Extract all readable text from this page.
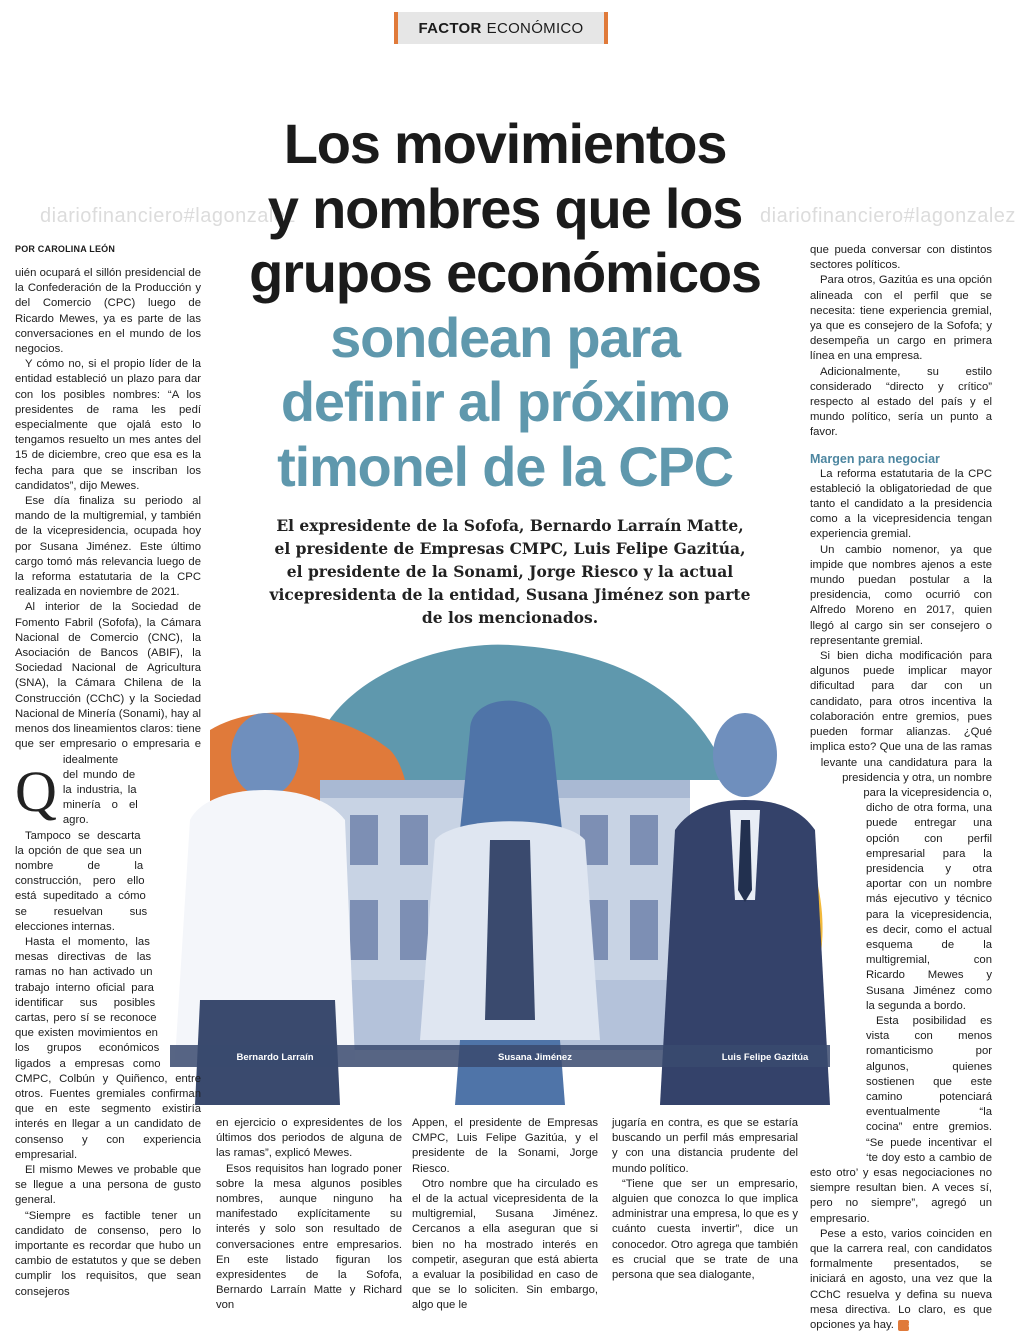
FACTOR ECONÓMICO
diariofinanciero#lagonzalez	diariofinanciero#lagonzalez
Los movimientos
y nombres que los
grupos económicos
sondean para
definir al próximo
timonel de la CPC
POR CAROLINA LEÓN

El expresidente de la Sofofa, Bernardo Larraín Matte, el presidente de Empresas CMPC, Luis Felipe Gazitúa, el presidente de la Sonami, Jorge Riesco y la actual vicepresidenta de la entidad, Susana Jiménez son parte de los mencionados.

Bernardo Larraín	Susana Jiménez	Luis Felipe Gazitúa

Q
uién ocupará el sillón presidencial de la Confederación de la Producción y del Comercio (CPC) luego de Ricardo Mewes, ya es parte de las conversaciones en el mundo de los negocios.

Y cómo no, si el propio líder de la entidad estableció un plazo para dar con los posibles nombres: “A los presidentes de rama les pedí especialmente que ojalá esto lo tengamos resuelto un mes antes del 15 de diciembre, creo que esa es la fecha para que se inscriban los candidatos”, dijo Mewes.

Ese día finaliza su periodo al mando de la multigremial, y también de la vicepresidencia, ocupada hoy por Susana Jiménez. Este último cargo tomó más relevancia luego de la reforma estatutaria de la CPC realizada en noviembre de 2021.

Al interior de la Sociedad de Fomento Fabril (Sofofa), la Cámara Nacional de Comercio (CNC), la Asociación de Bancos (ABIF), la Sociedad Nacional de Agricultura (SNA), la Cámara Chilena de la Construcción (CChC) y la Sociedad Nacional de Minería (Sonami), hay al menos dos lineamientos claros: tiene que ser empresario o empresaria e idealmente del mundo de la industria, la minería o el agro.

Tampoco se descarta la opción de que sea un nombre de la construcción, pero ello está supeditado a cómo se resuelvan sus elecciones internas.

Hasta el momento, las mesas directivas de las ramas no han activado un trabajo interno oficial para identificar sus posibles cartas, pero sí se reconoce que existen movimientos en los grupos económicos ligados a empresas como CMPC, Colbún y Quiñenco, entre otros. Fuentes gremiales confirman que en este segmento existiría interés en llegar a un candidato de consenso y con experiencia empresarial.

El mismo Mewes ve probable que se llegue a una persona de gusto general.

“Siempre es factible tener un candidato de consenso, pero lo importante es recordar que hubo un cambio de estatutos y que se deben cumplir los requisitos, que sean consejeros

en ejercicio o expresidentes de los últimos dos periodos de alguna de las ramas”, explicó Mewes.

Esos requisitos han logrado poner sobre la mesa algunos posibles nombres, aunque ninguno ha manifestado explícitamente su interés y solo son resultado de conversaciones entre empresarios. En este listado figuran los expresidentes de la Sofofa, Bernardo Larraín Matte y Richard von

Appen, el presidente de Empresas CMPC, Luis Felipe Gazitúa, y el presidente de la Sonami, Jorge Riesco.

Otro nombre que ha circulado es el de la actual vicepresidenta de la multigremial, Susana Jiménez. Cercanos a ella aseguran que si bien no ha mostrado interés en competir, aseguran que está abierta a evaluar la posibilidad en caso de que se lo soliciten. Sin embargo, algo que le

jugaría en contra, es que se estaría buscando un perfil más empresarial y con una distancia prudente del mundo político.

“Tiene que ser un empresario, alguien que conozca lo que implica administrar una empresa, lo que es y cuánto cuesta invertir”, dice un conocedor. Otro agrega que también es crucial que se trate de una persona que sea dialogante,

que pueda conversar con distintos sectores políticos.

Para otros, Gazitúa es una opción alineada con el perfil que se necesita: tiene experiencia gremial, ya que es consejero de la Sofofa; y desempeña un cargo en primera línea en una empresa.

Adicionalmente, su estilo considerado “directo y crítico” respecto al estado del país y el mundo político, sería un punto a favor.

Margen para negociar

La reforma estatutaria de la CPC estableció la obligatoriedad de que tanto el candidato a la presidencia como a la vicepresidencia tengan experiencia gremial.

Un cambio nomenor, ya que impide que nombres ajenos a este mundo puedan postular a la presidencia, como ocurrió con Alfredo Moreno en 2017, quien llegó al cargo sin ser consejero o representante gremial.

Si bien dicha modificación para algunos puede implicar mayor dificultad para dar con un candidato, para otros incentiva la colaboración entre gremios, pues pueden formar alianzas. ¿Qué implica esto? Que una de las ramas levante una candidatura para la presidencia y otra, un nombre para la vicepresidencia o, dicho de otra forma, una puede entregar una opción con perfil empresarial para la presidencia y otra aportar con un nombre más ejecutivo y técnico para la vicepresidencia, es decir, como el actual esquema de la multigremial, con Ricardo Mewes y Susana Jiménez como la segunda a bordo.

Esta posibilidad es vista con menos romanticismo por algunos, quienes sostienen que este camino potenciará eventualmente “la cocina” entre gremios. “Se puede incentivar el ‘te doy esto a cambio de esto otro’ y esas negociaciones no siempre resultan bien. A veces sí, pero no siempre”, agregó un empresario.

Pese a esto, varios coinciden en que la carrera real, con candidatos formalmente presentados, se iniciará en agosto, una vez que la CChC resuelva y defina su nueva mesa directiva. Lo claro, es que opciones ya hay. ≡
